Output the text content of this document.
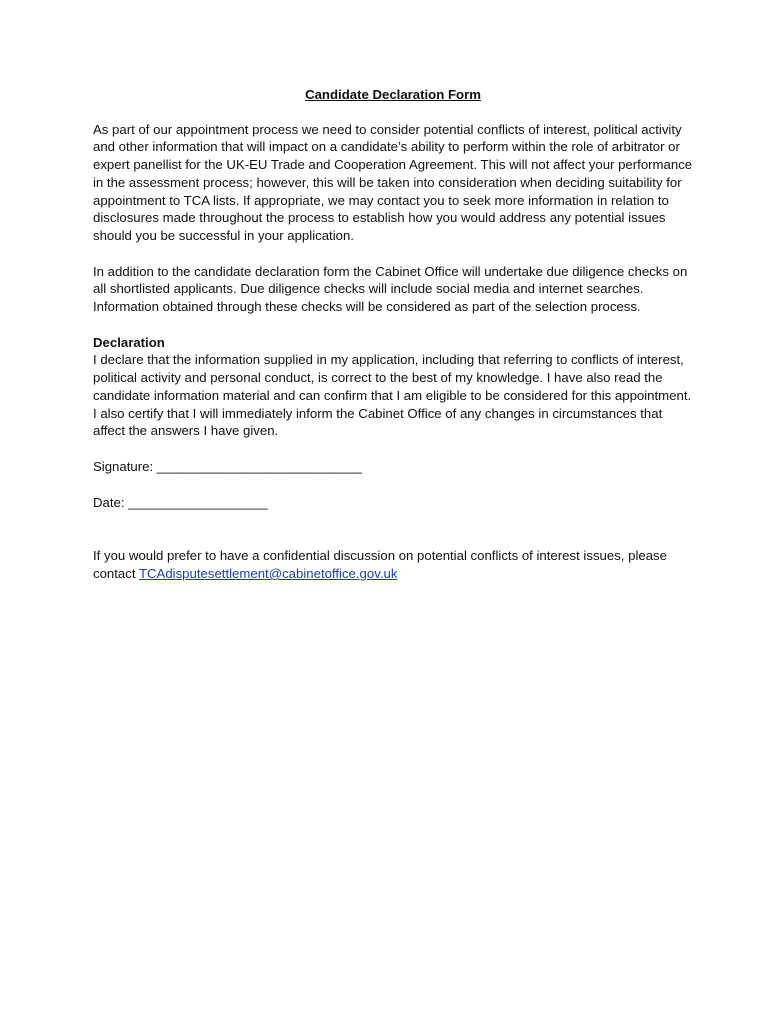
Candidate Declaration Form

As part of our appointment process we need to consider potential conflicts of interest, political activity and other information that will impact on a candidate’s ability to perform within the role of arbitrator or expert panellist for the UK-EU Trade and Cooperation Agreement. This will not affect your performance in the assessment process; however, this will be taken into consideration when deciding suitability for appointment to TCA lists. If appropriate, we may contact you to seek more information in relation to disclosures made throughout the process to establish how you would address any potential issues should you be successful in your application.

In addition to the candidate declaration form the Cabinet Office will undertake due diligence checks on all shortlisted applicants. Due diligence checks will include social media and internet searches. Information obtained through these checks will be considered as part of the selection process.

Declaration
I declare that the information supplied in my application, including that referring to conflicts of interest, political activity and personal conduct, is correct to the best of my knowledge. I have also read the candidate information material and can confirm that I am eligible to be considered for this appointment. I also certify that I will immediately inform the Cabinet Office of any changes in circumstances that affect the answers I have given.

Signature: ____________________________
Date: ___________________

If you would prefer to have a confidential discussion on potential conflicts of interest issues, please contact TCAdisputesettlement@cabinetoffice.gov.uk
